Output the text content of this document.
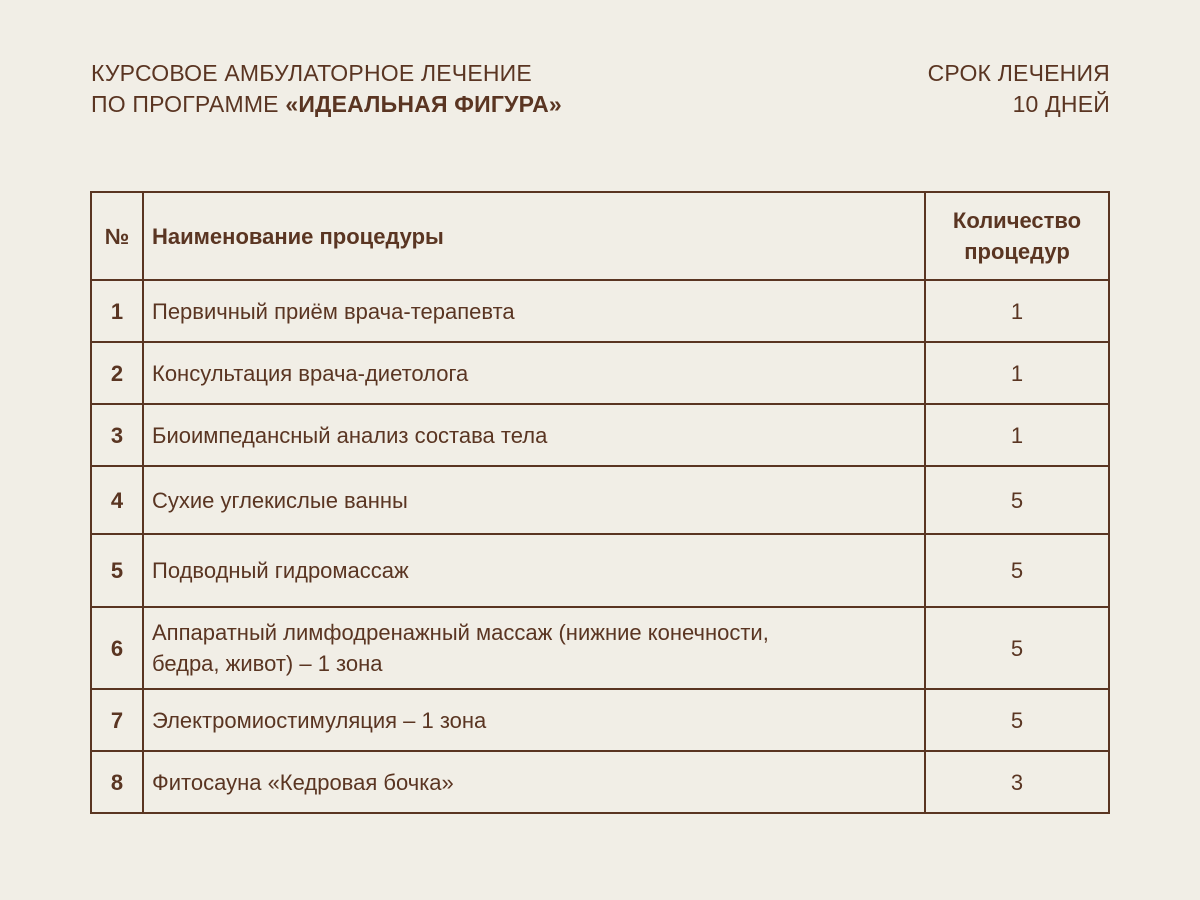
КУРСОВОЕ АМБУЛАТОРНОЕ ЛЕЧЕНИЕ
ПО ПРОГРАММЕ «ИДЕАЛЬНАЯ ФИГУРА»
СРОК ЛЕЧЕНИЯ
10 ДНЕЙ
№	Наименование процедуры	Количество
процедур
1	Первичный приём врача-терапевта	1
2	Консультация врача-диетолога	1
3	Биоимпедансный анализ состава тела	1
4	Сухие углекислые ванны	5
5	Подводный гидромассаж	5
6	Аппаратный лимфодренажный массаж (нижние конечности,
бедра, живот) – 1 зона	5
7	Электромиостимуляция – 1 зона	5
8	Фитосауна «Кедровая бочка»	3
